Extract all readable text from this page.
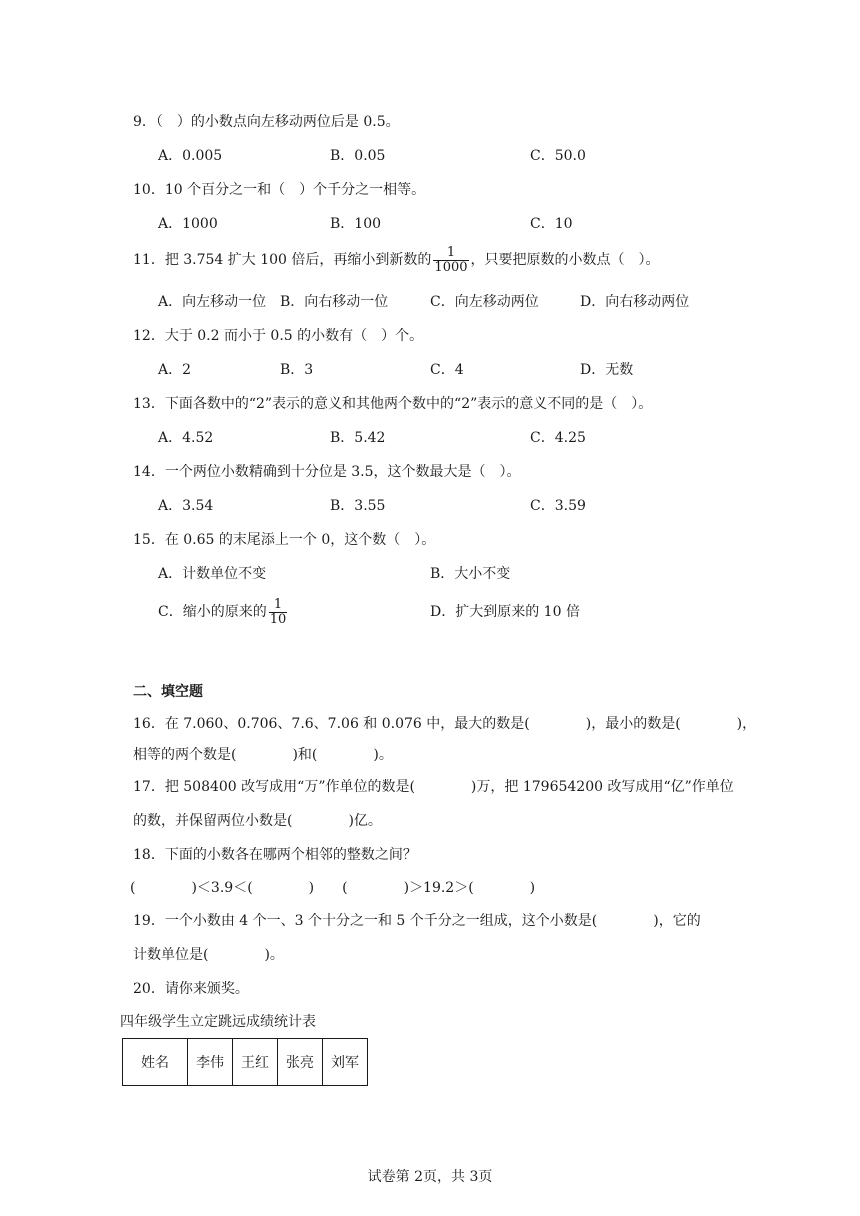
9．（　）的小数点向左移动两位后是 0.5。
A．0.005	B．0.05	C．50.0
10．10 个百分之一和（　）个千分之一相等。
A．1000	B．100	C．10
11．把 3.754 扩大 100 倍后，再缩小到新数的 $\frac{1}{1000}$ ，只要把原数的小数点（　）。
A．向左移动一位 B．向右移动一位	C．向左移动两位	D．向右移动两位
12．大于 0.2 而小于 0.5 的小数有（　）个。
A．2	B．3	C．4	D．无数
13．下面各数中的“2”表示的意义和其他两个数中的“2”表示的意义不同的是（　）。
A．4.52	B．5.42	C．4.25
14．一个两位小数精确到十分位是 3.5，这个数最大是（　）。
A．3.54	B．3.55	C．3.59
15．在 0.65 的末尾添上一个 0，这个数（　）。
A．计数单位不变	B．大小不变
C．缩小的原来的 $\frac{1}{10}$	D．扩大到原来的 10 倍
二、填空题
16．在 7.060、0.706、7.6、7.06 和 0.076 中，最大的数是(　　　　)，最小的数是(　　　　)，
相等的两个数是(　　　　)和(　　　　)。
17．把 508400 改写成用“万”作单位的数是(　　　　)万，把 179654200 改写成用“亿”作单位
的数，并保留两位小数是(　　　　)亿。
18．下面的小数各在哪两个相邻的整数之间？
(　　　　)＜3.9＜(　　　　)　　(　　　　)＞19.2＞(　　　　)
19．一个小数由 4 个一、3 个十分之一和 5 个千分之一组成，这个小数是(　　　　)，它的
计数单位是(　　　　)。
20．请你来颁奖。
四年级学生立定跳远成绩统计表
姓名	李伟	王红	张亮	刘军
试卷第 2页，共 3页
